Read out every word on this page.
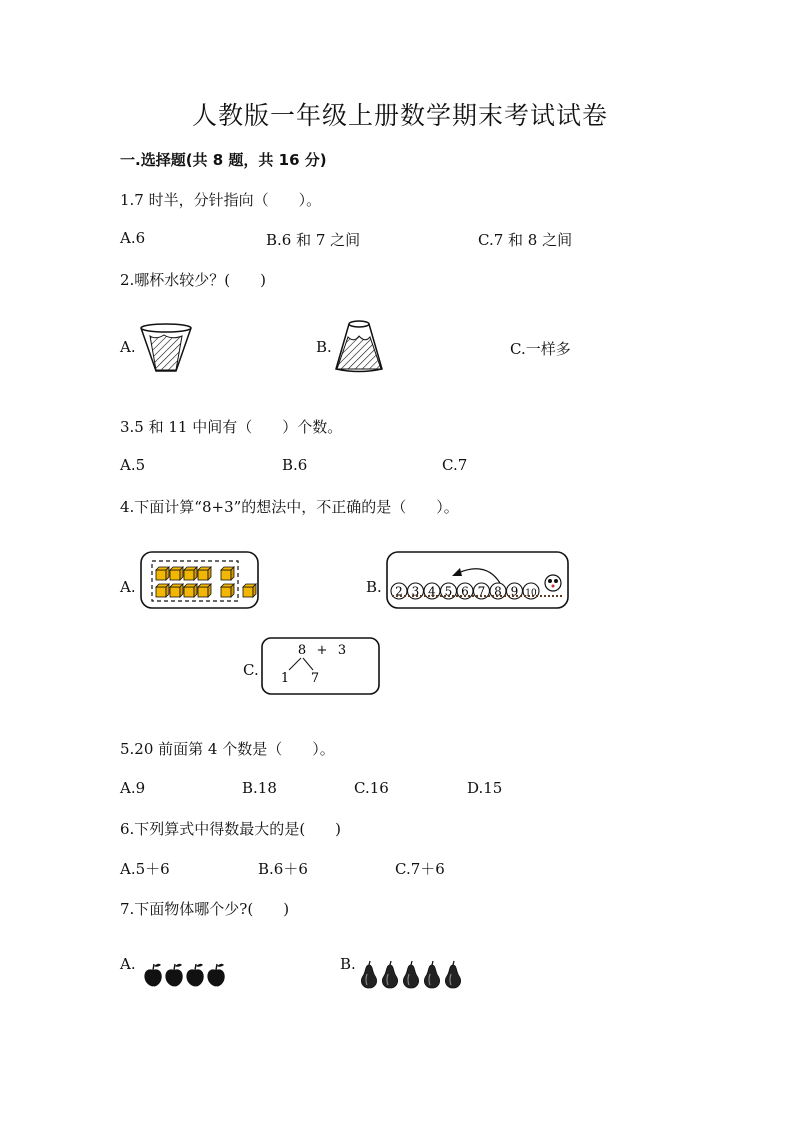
人教版一年级上册数学期末考试试卷
一.选择题(共 8 题，共 16 分)
1.7 时半，分针指向（　　）。
A.6	B.6 和 7 之间	C.7 和 8 之间
2.哪杯水较少？(　　)
A.	B.	C.一样多
3.5 和 11 中间有（　　）个数。
A.5	B.6	C.7
4.下面计算“8+3”的想法中，不正确的是（　　）。
A.	B. 2 3 4 5 6 7 8 9 10
C.
8 + 3
1 7
5.20 前面第 4 个数是（　　）。
A.9	B.18	C.16	D.15
6.下列算式中得数最大的是(　　)
A.5＋6	B.6＋6	C.7＋6
7.下面物体哪个少?(　　)
A.	B.
